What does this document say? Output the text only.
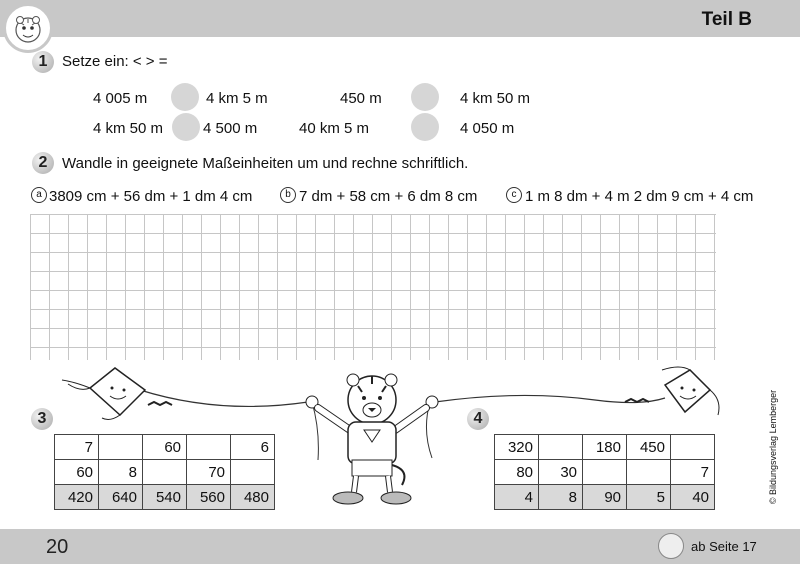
Teil B
1 Setze ein: < > =
4 005 m	4 km 5 m	450 m	4 km 50 m
4 km 50 m	4 500 m	40 km 5 m	4 050 m
2 Wandle in geeignete Maßeinheiten um und rechne schriftlich.
a 3809 cm + 56 dm + 1 dm 4 cm	b 7 dm + 58 cm + 6 dm 8 cm	c 1 m 8 dm + 4 m 2 dm 9 cm + 4 cm
3
7		60		6
60	8		70	
420	640	540	560	480
4
320		180	450	
80	30			7
4	8	90	5	40	© Bildungsverlag Lemberger
20	ab Seite 17
